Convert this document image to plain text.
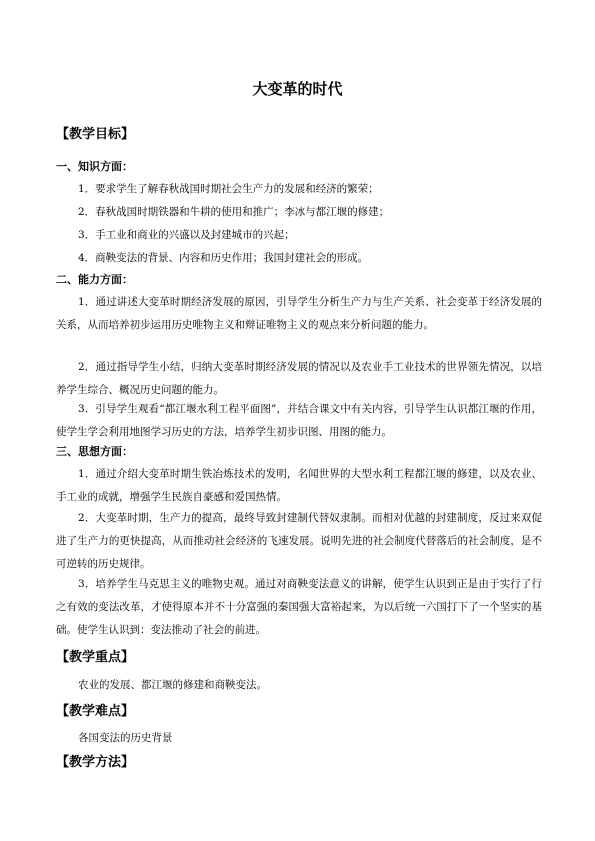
大变革的时代
【教学目标】
一、知识方面：
1．要求学生了解春秋战国时期社会生产力的发展和经济的繁荣；
2．春秋战国时期铁器和牛耕的使用和推广；李冰与都江堰的修建；
3．手工业和商业的兴盛以及封建城市的兴起；
4．商鞅变法的背景、内容和历史作用；我国封建社会的形成。
二、能力方面：
1．通过讲述大变革时期经济发展的原因，引导学生分析生产力与生产关系、社会变革于经济发展的关系，从而培养初步运用历史唯物主义和辩证唯物主义的观点来分析问题的能力。
2．通过指导学生小结，归纳大变革时期经济发展的情况以及农业手工业技术的世界领先情况，以培养学生综合、概况历史问题的能力。
3．引导学生观看“都江堰水利工程平面图”，并结合课文中有关内容，引导学生认识都江堰的作用，使学生学会利用地图学习历史的方法，培养学生初步识图、用图的能力。
三、思想方面：
1．通过介绍大变革时期生铁冶炼技术的发明，名闻世界的大型水利工程都江堰的修建，以及农业、手工业的成就，增强学生民族自豪感和爱国热情。
2．大变革时期，生产力的提高，最终导致封建制代替奴隶制。而相对优越的封建制度，反过来双促进了生产力的更快提高，从而推动社会经济的飞速发展。说明先进的社会制度代替落后的社会制度，是不可逆转的历史规律。
3．培养学生马克思主义的唯物史观。通过对商鞅变法意义的讲解，使学生认识到正是由于实行了行之有效的变法改革，才使得原本并不十分富强的秦国强大富裕起来，为以后统一六国打下了一个坚实的基础。使学生认识到：变法推动了社会的前进。
【教学重点】
农业的发展、都江堰的修建和商鞅变法。
【教学难点】
各国变法的历史背景
【教学方法】
